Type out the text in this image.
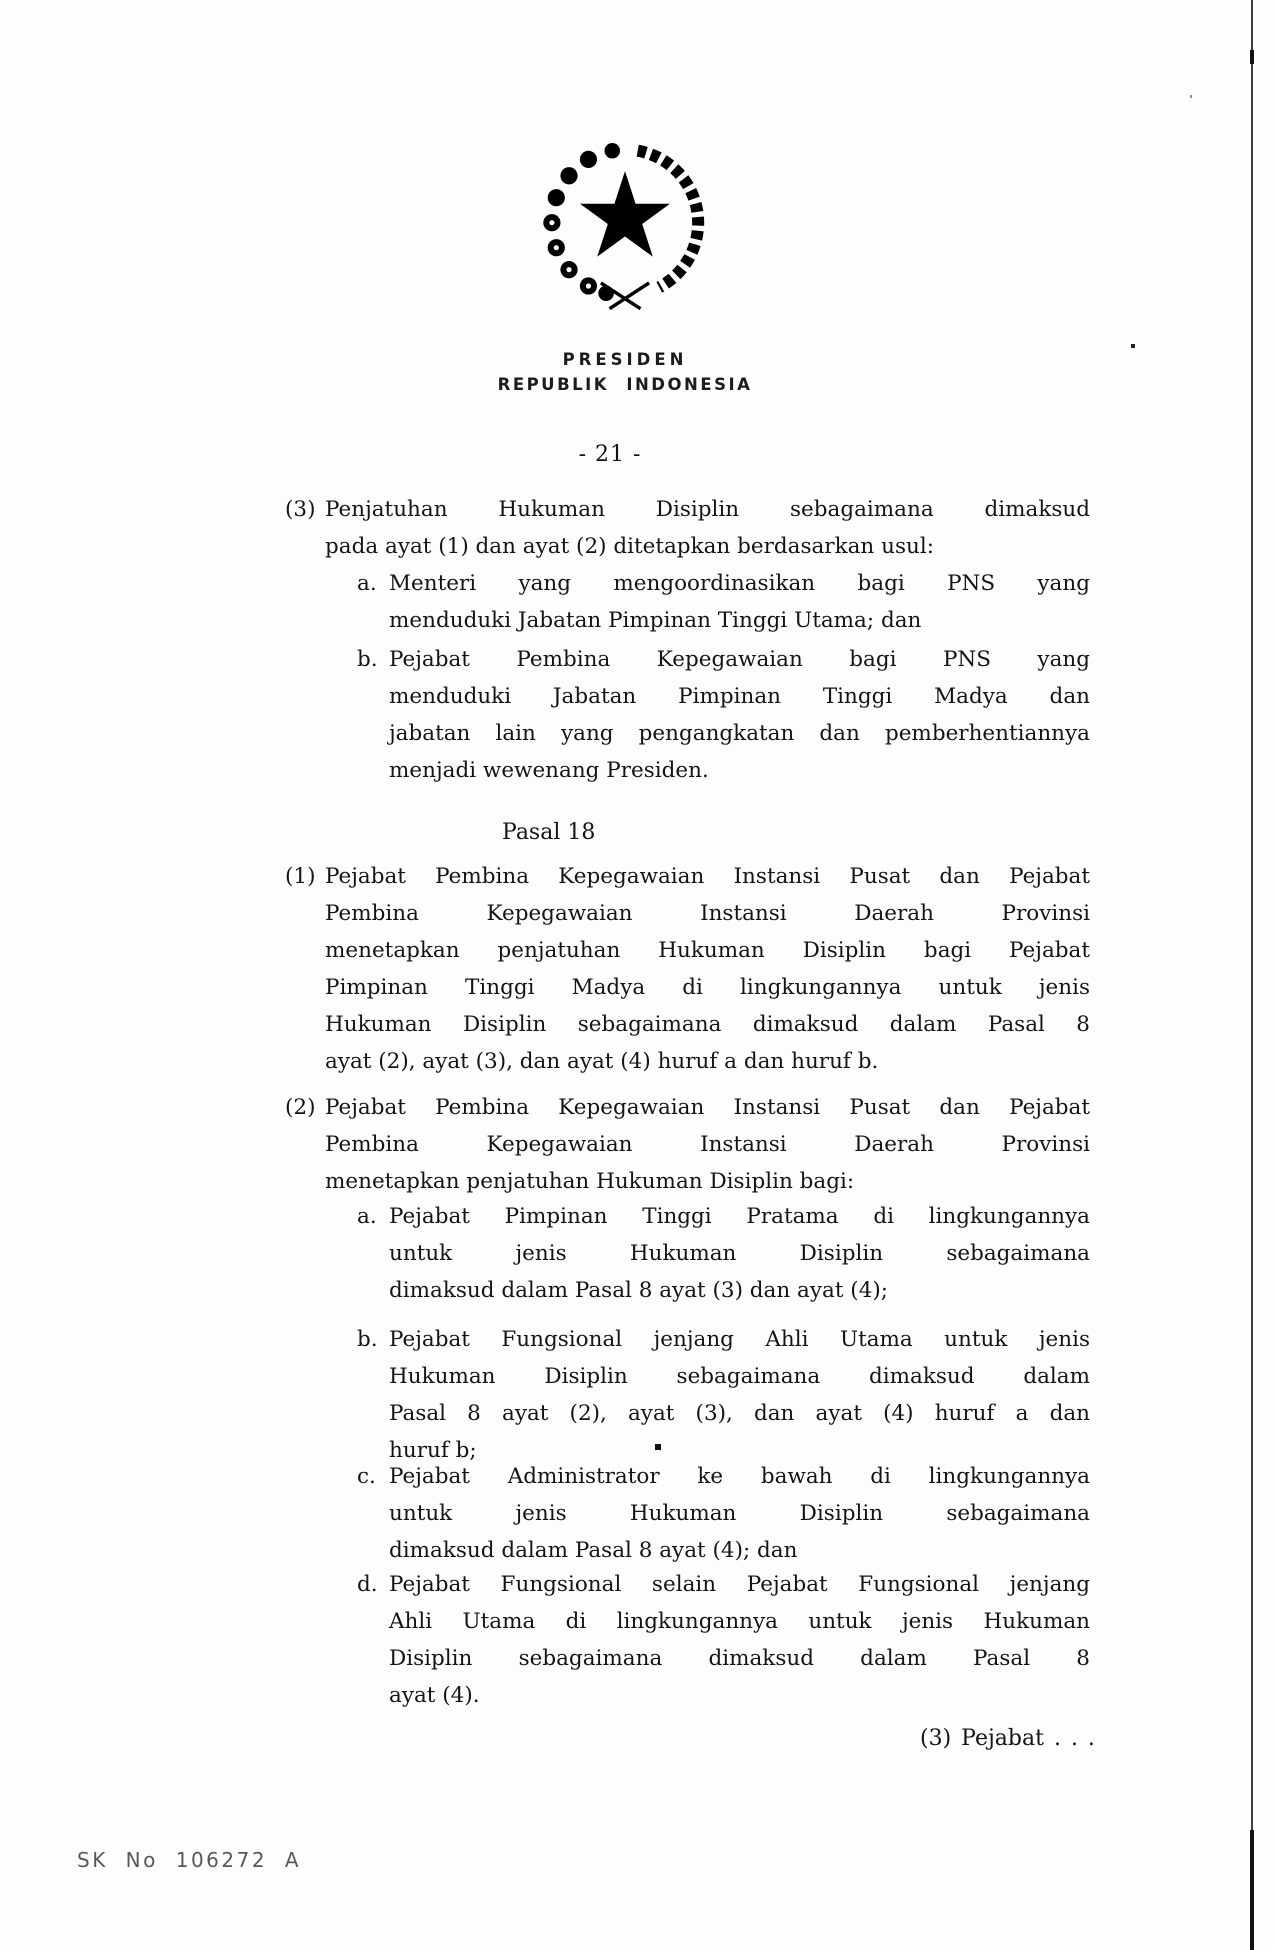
PRESIDEN
REPUBLIK INDONESIA
- 21 -
(3) Penjatuhan Hukuman Disiplin sebagaimana dimaksud
pada ayat (1) dan ayat (2) ditetapkan berdasarkan usul:
a. Menteri yang mengoordinasikan bagi PNS yang
menduduki Jabatan Pimpinan Tinggi Utama; dan
b. Pejabat Pembina Kepegawaian bagi PNS yang
menduduki Jabatan Pimpinan Tinggi Madya dan
jabatan lain yang pengangkatan dan pemberhentiannya
menjadi wewenang Presiden.
Pasal 18
(1) Pejabat Pembina Kepegawaian Instansi Pusat dan Pejabat
Pembina Kepegawaian Instansi Daerah Provinsi
menetapkan penjatuhan Hukuman Disiplin bagi Pejabat
Pimpinan Tinggi Madya di lingkungannya untuk jenis
Hukuman Disiplin sebagaimana dimaksud dalam Pasal 8
ayat (2), ayat (3), dan ayat (4) huruf a dan huruf b.
(2) Pejabat Pembina Kepegawaian Instansi Pusat dan Pejabat
Pembina Kepegawaian Instansi Daerah Provinsi
menetapkan penjatuhan Hukuman Disiplin bagi:
a. Pejabat Pimpinan Tinggi Pratama di lingkungannya
untuk jenis Hukuman Disiplin sebagaimana
dimaksud dalam Pasal 8 ayat (3) dan ayat (4);
b. Pejabat Fungsional jenjang Ahli Utama untuk jenis
Hukuman Disiplin sebagaimana dimaksud dalam
Pasal 8 ayat (2), ayat (3), dan ayat (4) huruf a dan
huruf b;
c. Pejabat Administrator ke bawah di lingkungannya
untuk jenis Hukuman Disiplin sebagaimana
dimaksud dalam Pasal 8 ayat (4); dan
d. Pejabat Fungsional selain Pejabat Fungsional jenjang
Ahli Utama di lingkungannya untuk jenis Hukuman
Disiplin sebagaimana dimaksud dalam Pasal 8
ayat (4).
(3) Pejabat . . .
SK No 106272 A
